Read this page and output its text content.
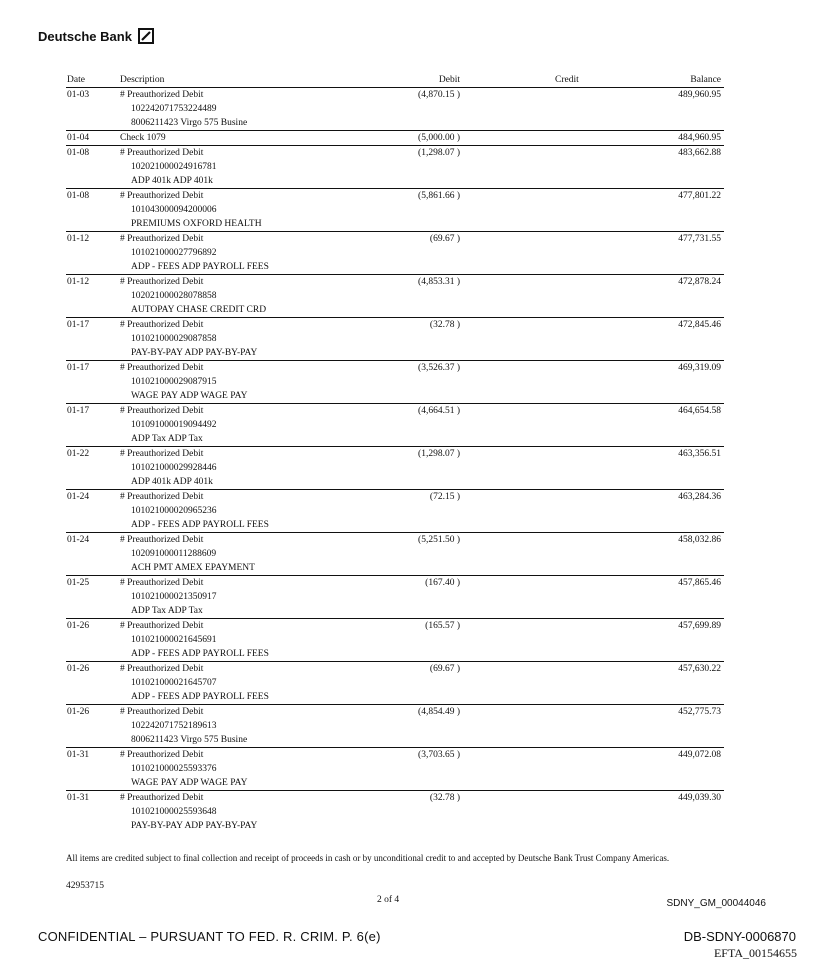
Deutsche Bank
Date	Description	Debit	Credit	Balance
01-03	# Preauthorized Debit
102242071753224489
8006211423 Virgo 575 Busine
(4,870.15 )	489,960.95
01-04	Check 1079	(5,000.00 )	484,960.95
01-08	# Preauthorized Debit
102021000024916781
ADP 401k ADP 401k
(1,298.07 )	483,662.88
01-08	# Preauthorized Debit
101043000094200006
PREMIUMS OXFORD HEALTH
(5,861.66 )	477,801.22
01-12	# Preauthorized Debit
101021000027796892
ADP - FEES ADP PAYROLL FEES
(69.67 )	477,731.55
01-12	# Preauthorized Debit
102021000028078858
AUTOPAY CHASE CREDIT CRD
(4,853.31 )	472,878.24
01-17	# Preauthorized Debit
101021000029087858
PAY-BY-PAY ADP PAY-BY-PAY
(32.78 )	472,845.46
01-17	# Preauthorized Debit
101021000029087915
WAGE PAY ADP WAGE PAY
(3,526.37 )	469,319.09
01-17	# Preauthorized Debit
101091000019094492
ADP Tax ADP Tax
(4,664.51 )	464,654.58
01-22	# Preauthorized Debit
101021000029928446
ADP 401k ADP 401k
(1,298.07 )	463,356.51
01-24	# Preauthorized Debit
101021000020965236
ADP - FEES ADP PAYROLL FEES
(72.15 )	463,284.36
01-24	# Preauthorized Debit
102091000011288609
ACH PMT AMEX EPAYMENT
(5,251.50 )	458,032.86
01-25	# Preauthorized Debit
101021000021350917
ADP Tax ADP Tax
(167.40 )	457,865.46
01-26	# Preauthorized Debit
101021000021645691
ADP - FEES ADP PAYROLL FEES
(165.57 )	457,699.89
01-26	# Preauthorized Debit
101021000021645707
ADP - FEES ADP PAYROLL FEES
(69.67 )	457,630.22
01-26	# Preauthorized Debit
102242071752189613
8006211423 Virgo 575 Busine
(4,854.49 )	452,775.73
01-31	# Preauthorized Debit
101021000025593376
WAGE PAY ADP WAGE PAY
(3,703.65 )	449,072.08
01-31	# Preauthorized Debit
101021000025593648
PAY-BY-PAY ADP PAY-BY-PAY
(32.78 )	449,039.30
All items are credited subject to final collection and receipt of proceeds in cash or by unconditional credit to and accepted by Deutsche Bank Trust Company Americas.
42953715
2 of 4	SDNY_GM_00044046
CONFIDENTIAL – PURSUANT TO FED. R. CRIM. P. 6(e)	DB-SDNY-0006870
EFTA_00154655
